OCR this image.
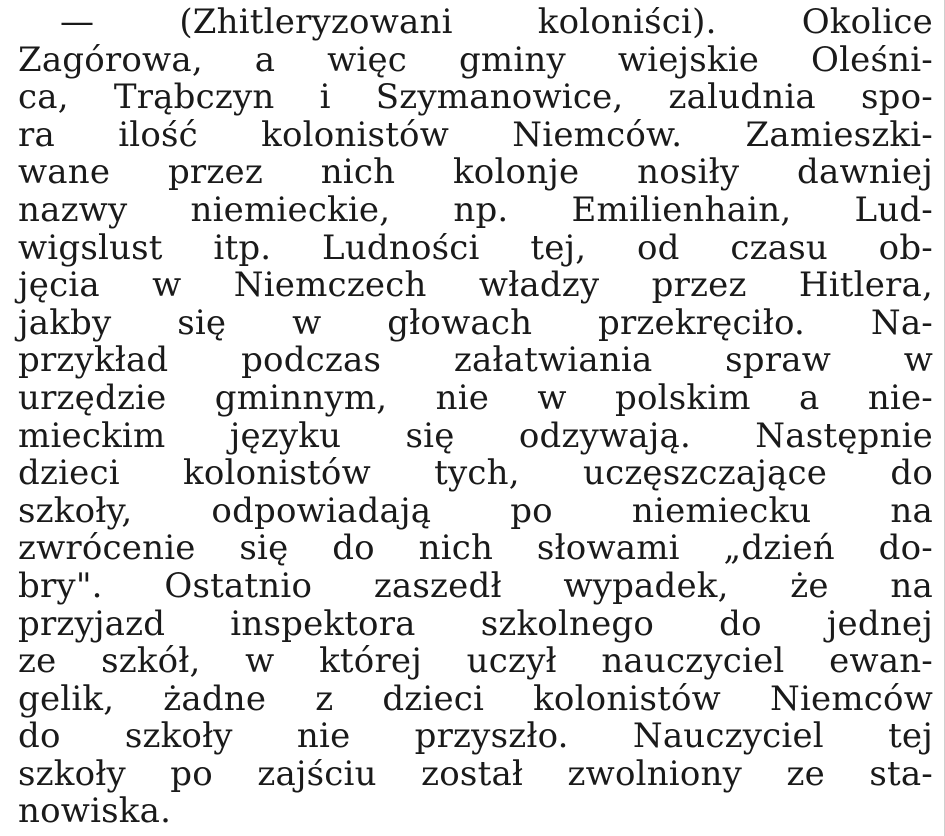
— (Zhitleryzowani koloniści). Okolice
Zagórowa, a więc gminy wiejskie Oleśni-
ca, Trąbczyn i Szymanowice, zaludnia spo-
ra ilość kolonistów Niemców. Zamieszki-
wane przez nich kolonje nosiły dawniej
nazwy niemieckie, np. Emilienhain, Lud-
wigslust itp. Ludności tej, od czasu ob-
jęcia w Niemczech władzy przez Hitlera,
jakby się w głowach przekręciło. Na-
przykład podczas załatwiania spraw w
urzędzie gminnym, nie w polskim a nie-
mieckim języku się odzywają. Następnie
dzieci kolonistów tych, uczęszczające do
szkoły, odpowiadają po niemiecku na
zwrócenie się do nich słowami „dzień do-
bry". Ostatnio zaszedł wypadek, że na
przyjazd inspektora szkolnego do jednej
ze szkół, w której uczył nauczyciel ewan-
gelik, żadne z dzieci kolonistów Niemców
do szkoły nie przyszło. Nauczyciel tej
szkoły po zajściu został zwolniony ze sta-
nowiska.
